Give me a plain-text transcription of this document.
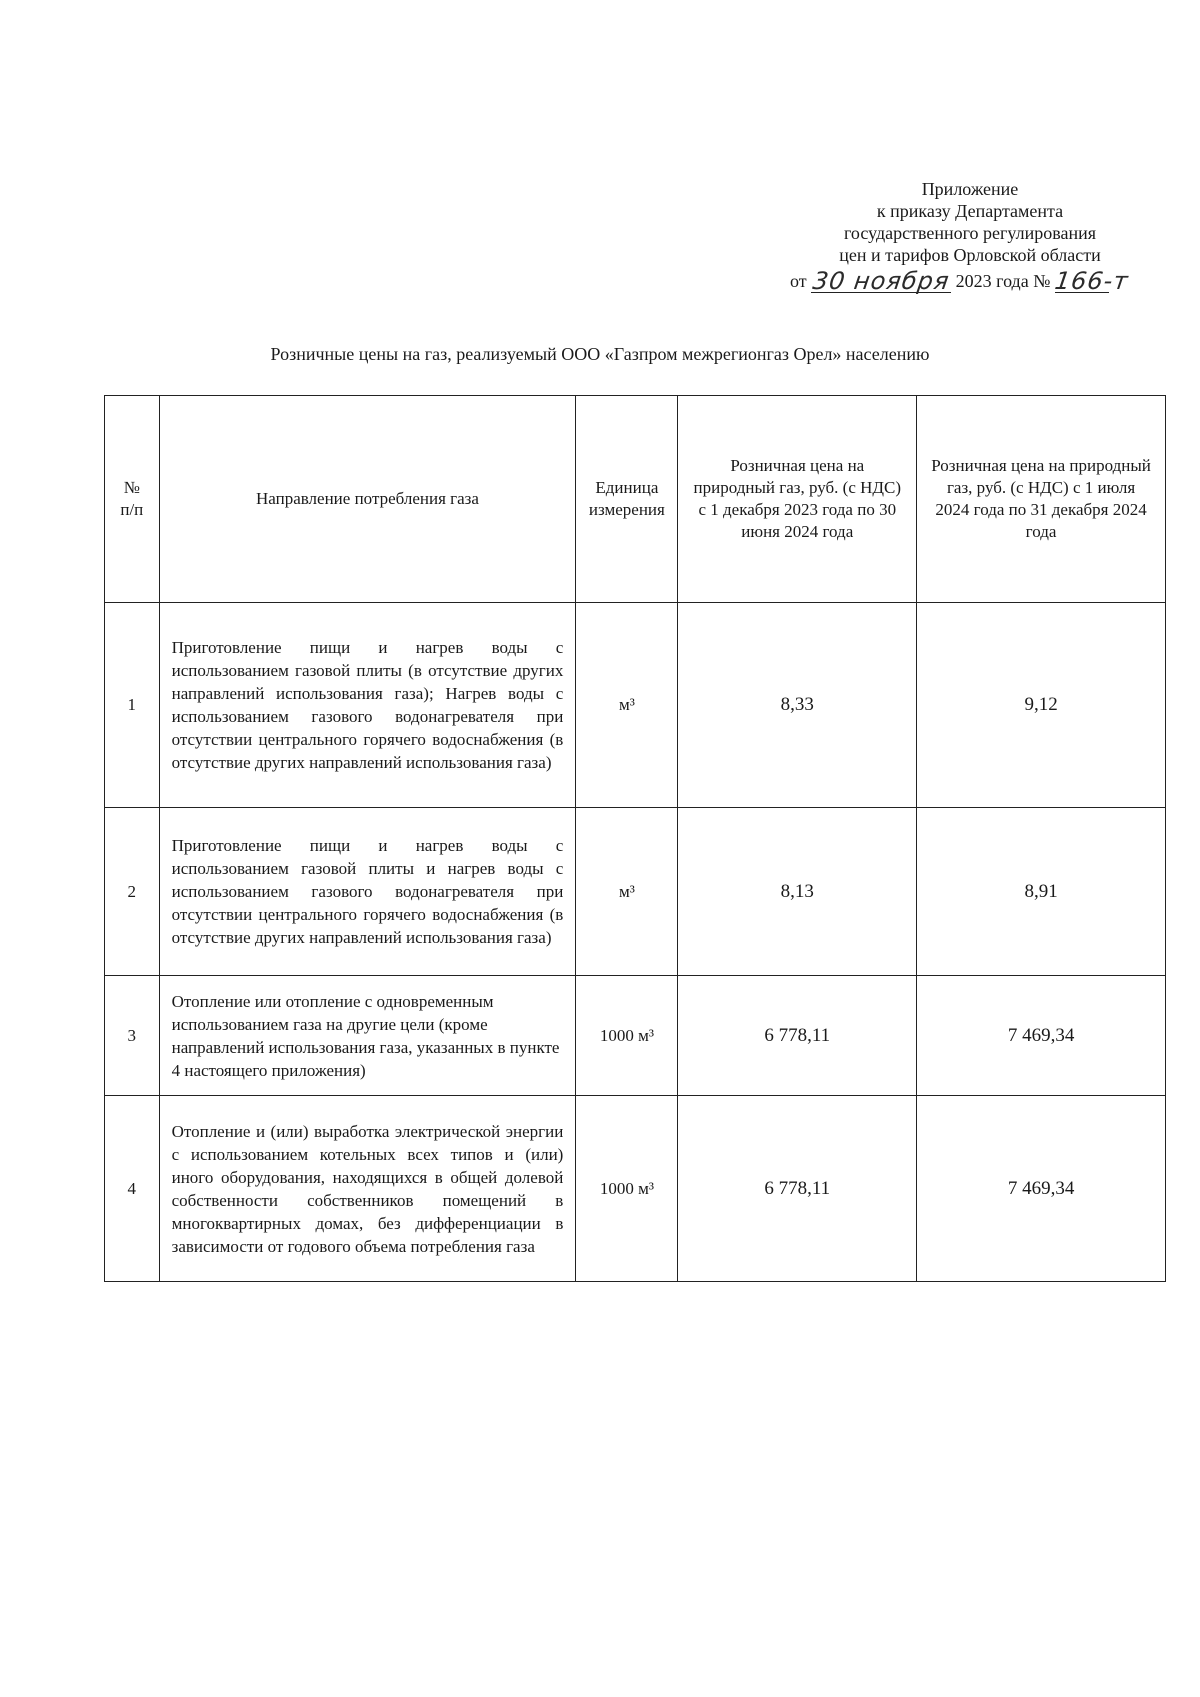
Приложение
к приказу Департамента
государственного регулирования
цен и тарифов Орловской области
от 30 ноября 2023 года № 166-т
Розничные цены на газ, реализуемый ООО «Газпром межрегионгаз Орел» населению
№ п/п	Направление потребления газа	Единица измерения	Розничная цена на природный газ, руб. (с НДС) с 1 декабря 2023 года по 30 июня 2024 года	Розничная цена на природный газ, руб. (с НДС) с 1 июля 2024 года по 31 декабря 2024 года
1	Приготовление пищи и нагрев воды с использованием газовой плиты (в отсутствие других направлений использования газа); Нагрев воды с использованием газового водонагревателя при отсутствии центрального горячего водоснабжения (в отсутствие других направлений использования газа)	м³	8,33	9,12
2	Приготовление пищи и нагрев воды с использованием газовой плиты и нагрев воды с использованием газового водонагревателя при отсутствии центрального горячего водоснабжения (в отсутствие других направлений использования газа)	м³	8,13	8,91
3	Отопление или отопление с одновременным использованием газа на другие цели (кроме направлений использования газа, указанных в пункте 4 настоящего приложения)	1000 м³	6 778,11	7 469,34
4	Отопление и (или) выработка электрической энергии с использованием котельных всех типов и (или) иного оборудования, находящихся в общей долевой собственности собственников помещений в многоквартирных домах, без дифференциации в зависимости от годового объема потребления газа	1000 м³	6 778,11	7 469,34
